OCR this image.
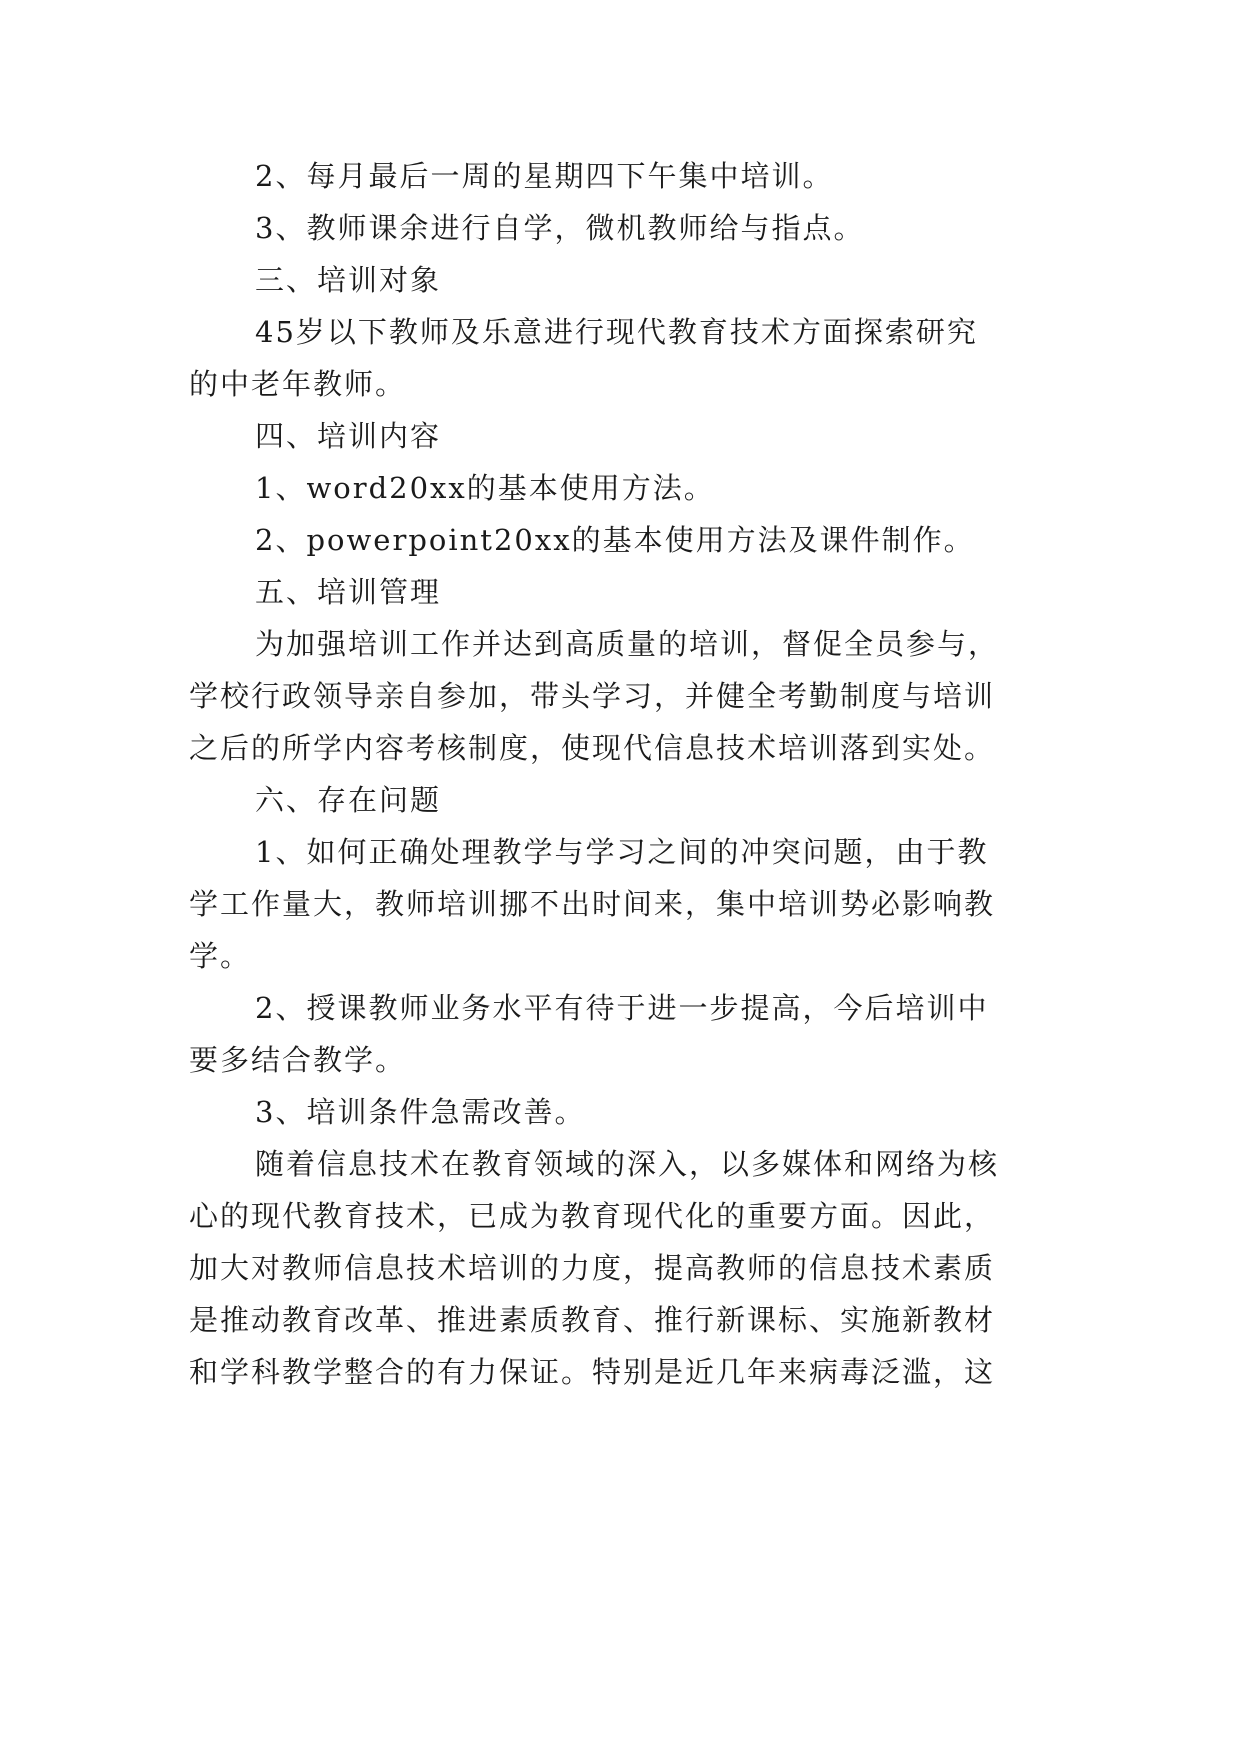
2、每月最后一周的星期四下午集中培训。
3、教师课余进行自学，微机教师给与指点。
三、培训对象
45岁以下教师及乐意进行现代教育技术方面探索研究
的中老年教师。
四、培训内容
1、word20xx的基本使用方法。
2、powerpoint20xx的基本使用方法及课件制作。
五、培训管理
为加强培训工作并达到高质量的培训，督促全员参与，
学校行政领导亲自参加，带头学习，并健全考勤制度与培训
之后的所学内容考核制度，使现代信息技术培训落到实处。
六、存在问题
1、如何正确处理教学与学习之间的冲突问题，由于教
学工作量大，教师培训挪不出时间来，集中培训势必影响教
学。
2、授课教师业务水平有待于进一步提高，今后培训中
要多结合教学。
3、培训条件急需改善。
随着信息技术在教育领域的深入，以多媒体和网络为核
心的现代教育技术，已成为教育现代化的重要方面。因此，
加大对教师信息技术培训的力度，提高教师的信息技术素质
是推动教育改革、推进素质教育、推行新课标、实施新教材
和学科教学整合的有力保证。特别是近几年来病毒泛滥，这
